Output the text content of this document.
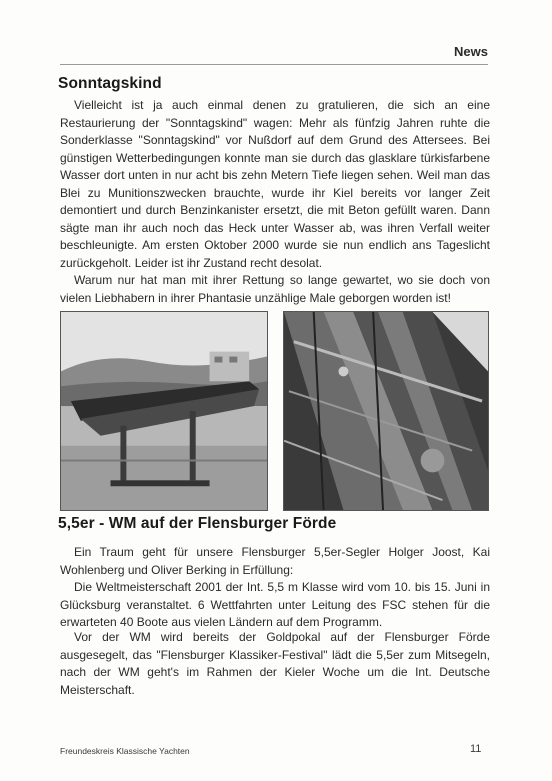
News
Sonntagskind

Vielleicht ist ja auch einmal denen zu gratulieren, die sich an eine Restaurierung der "Sonntagskind" wagen: Mehr als fünfzig Jahren ruhte die Sonderklasse "Sonntagskind" vor Nußdorf auf dem Grund des Attersees. Bei günstigen Wetterbedingungen konnte man sie durch das glasklare türkisfarbene Wasser dort unten in nur acht bis zehn Metern Tiefe liegen sehen. Weil man das Blei zu Munitionszwecken brauchte, wurde ihr Kiel bereits vor langer Zeit demontiert und durch Benzinkanister ersetzt, die mit Beton gefüllt waren. Dann sägte man ihr auch noch das Heck unter Wasser ab, was ihren Verfall weiter beschleunigte. Am ersten Oktober 2000 wurde sie nun endlich ans Tageslicht zurückgeholt. Leider ist ihr Zustand recht desolat.

Warum nur hat man mit ihrer Rettung so lange gewartet, wo sie doch von vielen Liebhabern in ihrer Phantasie unzählige Male geborgen worden ist!

5,5er - WM auf der Flensburger Förde

Ein Traum geht für unsere Flensburger 5,5er-Segler Holger Joost, Kai Wohlenberg und Oliver Berking in Erfüllung:

Die Weltmeisterschaft 2001 der Int. 5,5 m Klasse wird vom 10. bis 15. Juni in Glücksburg veranstaltet. 6 Wettfahrten unter Leitung des FSC stehen für die erwarteten 40 Boote aus vielen Ländern auf dem Programm.

Vor der WM wird bereits der Goldpokal auf der Flensburger Förde ausgesegelt, das "Flensburger Klassiker-Festival" lädt die 5,5er zum Mitsegeln, nach der WM geht's im Rahmen der Kieler Woche um die Int. Deutsche Meisterschaft.

Freundeskreis Klassische Yachten	11
